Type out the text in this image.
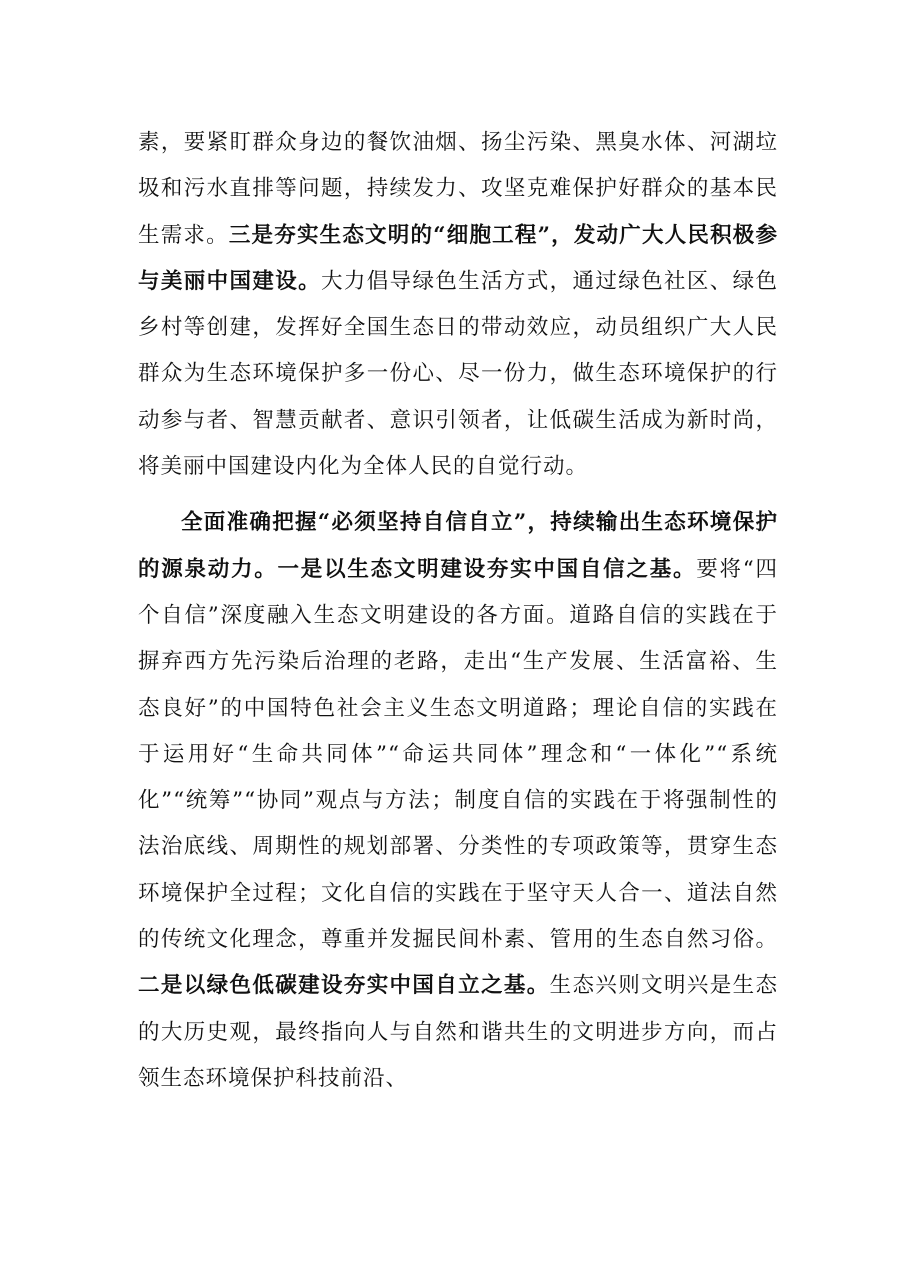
素，要紧盯群众身边的餐饮油烟、扬尘污染、黑臭水体、河湖垃圾和污水直排等问题，持续发力、攻坚克难保护好群众的基本民生需求。三是夯实生态文明的“细胞工程”，发动广大人民积极参与美丽中国建设。大力倡导绿色生活方式，通过绿色社区、绿色乡村等创建，发挥好全国生态日的带动效应，动员组织广大人民群众为生态环境保护多一份心、尽一份力，做生态环境保护的行动参与者、智慧贡献者、意识引领者，让低碳生活成为新时尚，将美丽中国建设内化为全体人民的自觉行动。

全面准确把握“必须坚持自信自立”，持续输出生态环境保护的源泉动力。一是以生态文明建设夯实中国自信之基。要将“四个自信”深度融入生态文明建设的各方面。道路自信的实践在于摒弃西方先污染后治理的老路，走出“生产发展、生活富裕、生态良好”的中国特色社会主义生态文明道路；理论自信的实践在于运用好“生命共同体”“命运共同体”理念和“一体化”“系统化”“统筹”“协同”观点与方法；制度自信的实践在于将强制性的法治底线、周期性的规划部署、分类性的专项政策等，贯穿生态环境保护全过程；文化自信的实践在于坚守天人合一、道法自然的传统文化理念，尊重并发掘民间朴素、管用的生态自然习俗。二是以绿色低碳建设夯实中国自立之基。生态兴则文明兴是生态的大历史观，最终指向人与自然和谐共生的文明进步方向，而占领生态环境保护科技前沿、
